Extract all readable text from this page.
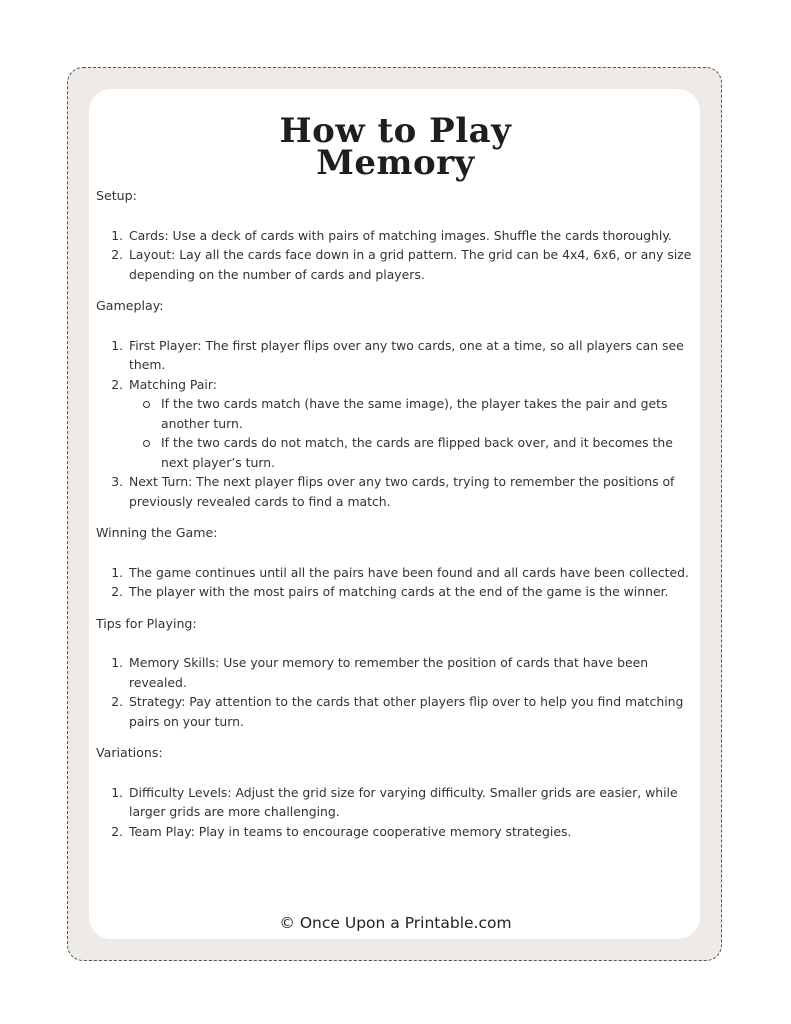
How to Play
Memory
Setup:
1. Cards: Use a deck of cards with pairs of matching images. Shuffle the cards thoroughly.
2. Layout: Lay all the cards face down in a grid pattern. The grid can be 4x4, 6x6, or any size depending on the number of cards and players.
Gameplay:
1. First Player: The first player flips over any two cards, one at a time, so all players can see them.
2. Matching Pair:
If the two cards match (have the same image), the player takes the pair and gets another turn.
If the two cards do not match, the cards are flipped back over, and it becomes the next player’s turn.
3. Next Turn: The next player flips over any two cards, trying to remember the positions of previously revealed cards to find a match.
Winning the Game:
1. The game continues until all the pairs have been found and all cards have been collected.
2. The player with the most pairs of matching cards at the end of the game is the winner.
Tips for Playing:
1. Memory Skills: Use your memory to remember the position of cards that have been revealed.
2. Strategy: Pay attention to the cards that other players flip over to help you find matching pairs on your turn.
Variations:
1. Difficulty Levels: Adjust the grid size for varying difficulty. Smaller grids are easier, while larger grids are more challenging.
2. Team Play: Play in teams to encourage cooperative memory strategies.
© Once Upon a Printable.com
